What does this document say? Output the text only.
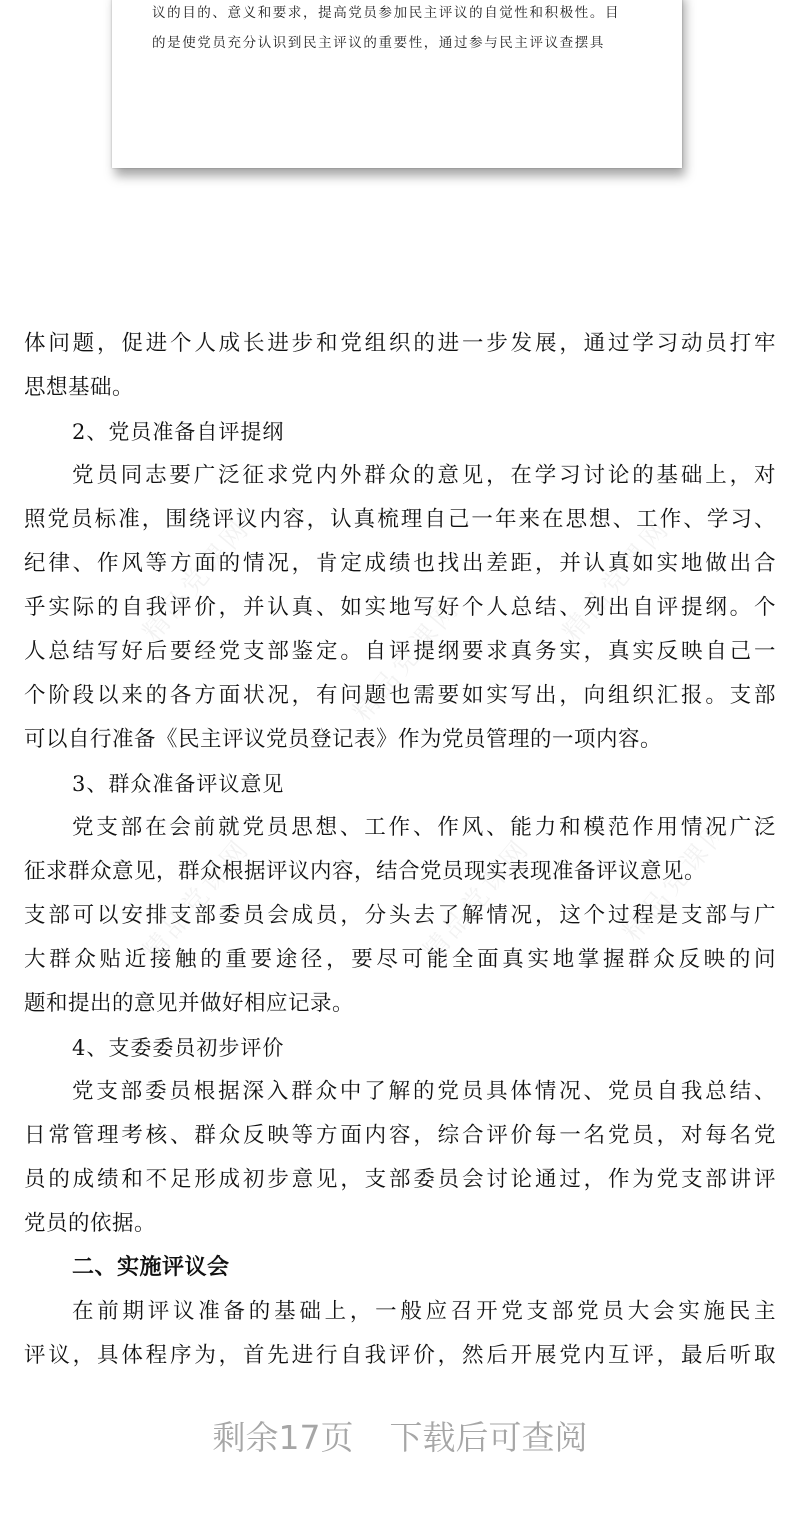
议的目的、意义和要求，提高党员参加民主评议的自觉性和积极性。目
的是使党员充分认识到民主评议的重要性，通过参与民主评议查摆具
精品党课网
精品党课网
精品党课网
精品党课网	精品党课网	精品党课网
体问题，促进个人成长进步和党组织的进一步发展，通过学习动员打牢
思想基础。
2、党员准备自评提纲
党员同志要广泛征求党内外群众的意见，在学习讨论的基础上，对
照党员标准，围绕评议内容，认真梳理自己一年来在思想、工作、学习、
纪律、作风等方面的情况，肯定成绩也找出差距，并认真如实地做出合
乎实际的自我评价，并认真、如实地写好个人总结、列出自评提纲。个
人总结写好后要经党支部鉴定。自评提纲要求真务实，真实反映自己一
个阶段以来的各方面状况，有问题也需要如实写出，向组织汇报。支部
可以自行准备《民主评议党员登记表》作为党员管理的一项内容。
3、群众准备评议意见
党支部在会前就党员思想、工作、作风、能力和模范作用情况广泛
征求群众意见，群众根据评议内容，结合党员现实表现准备评议意见。
支部可以安排支部委员会成员，分头去了解情况，这个过程是支部与广
大群众贴近接触的重要途径，要尽可能全面真实地掌握群众反映的问
题和提出的意见并做好相应记录。
4、支委委员初步评价
党支部委员根据深入群众中了解的党员具体情况、党员自我总结、
日常管理考核、群众反映等方面内容，综合评价每一名党员，对每名党
员的成绩和不足形成初步意见，支部委员会讨论通过，作为党支部讲评
党员的依据。
二、实施评议会
在前期评议准备的基础上，一般应召开党支部党员大会实施民主
评议，具体程序为，首先进行自我评价，然后开展党内互评，最后听取
剩余17页 下载后可查阅
